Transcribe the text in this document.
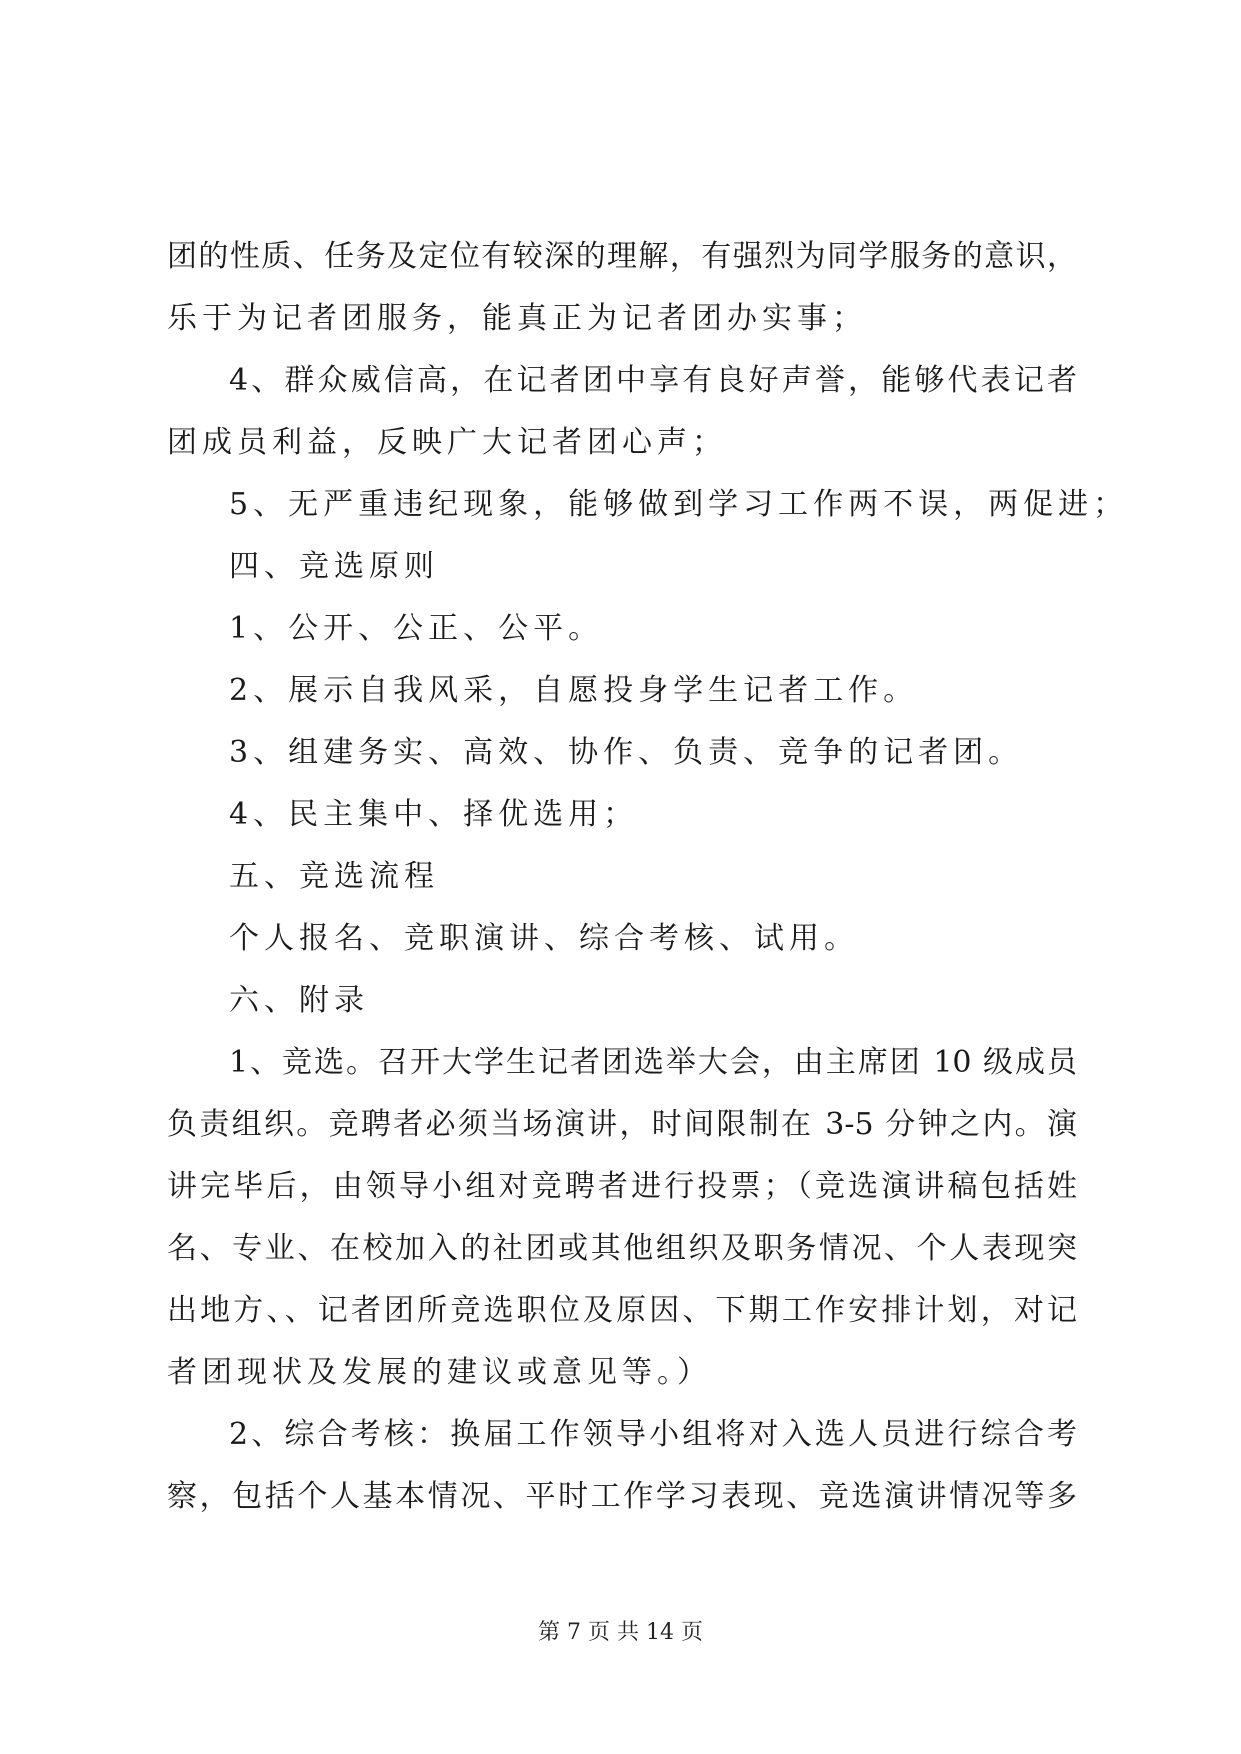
团的性质、任务及定位有较深的理解，有强烈为同学服务的意识，
乐于为记者团服务，能真正为记者团办实事；
4、群众威信高，在记者团中享有良好声誉，能够代表记者
团成员利益，反映广大记者团心声；
5、无严重违纪现象，能够做到学习工作两不误，两促进；
四、竞选原则
1、公开、公正、公平。
2、展示自我风采，自愿投身学生记者工作。
3、组建务实、高效、协作、负责、竞争的记者团。
4、民主集中、择优选用；
五、竞选流程
个人报名、竞职演讲、综合考核、试用。
六、附录
1、竞选。召开大学生记者团选举大会，由主席团 10 级成员
负责组织。竞聘者必须当场演讲，时间限制在 3-5 分钟之内。演
讲完毕后，由领导小组对竞聘者进行投票；（竞选演讲稿包括姓
名、专业、在校加入的社团或其他组织及职务情况、个人表现突
出地方、、记者团所竞选职位及原因、下期工作安排计划，对记
者团现状及发展的建议或意见等。）
2、综合考核：换届工作领导小组将对入选人员进行综合考
察，包括个人基本情况、平时工作学习表现、竞选演讲情况等多
第 7 页 共 14 页
